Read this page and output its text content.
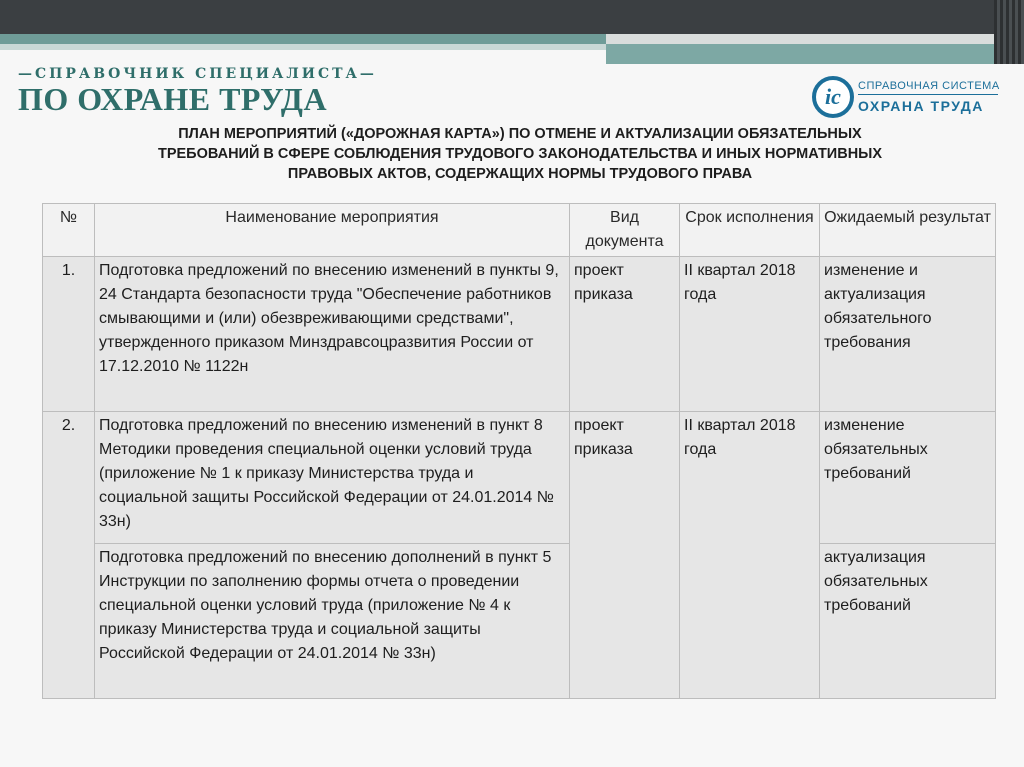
—СПРАВОЧНИК СПЕЦИАЛИСТА—
ПО ОХРАНЕ ТРУДА	iс	СПРАВОЧНАЯ СИСТЕМА
ОХРАНА ТРУДА
ПЛАН МЕРОПРИЯТИЙ («ДОРОЖНАЯ КАРТА») ПО ОТМЕНЕ И АКТУАЛИЗАЦИИ ОБЯЗАТЕЛЬНЫХ
ТРЕБОВАНИЙ В СФЕРЕ СОБЛЮДЕНИЯ ТРУДОВОГО ЗАКОНОДАТЕЛЬСТВА И ИНЫХ НОРМАТИВНЫХ
ПРАВОВЫХ АКТОВ, СОДЕРЖАЩИХ НОРМЫ ТРУДОВОГО ПРАВА
№	Наименование мероприятия	Вид документа	Срок исполнения	Ожидаемый результат
1.	Подготовка предложений по внесению изменений в пункты 9, 24 Стандарта безопасности труда "Обеспечение работников смывающими и (или) обезвреживающими средствами", утвержденного приказом Минздравсоцразвития России от 17.12.2010 № 1122н	проект приказа	II квартал 2018 года	изменение и актуализация обязательного требования
2.	Подготовка предложений по внесению изменений в пункт 8 Методики проведения специальной оценки условий труда (приложение № 1 к приказу Министерства труда и социальной защиты Российской Федерации от 24.01.2014 № 33н)	проект приказа	II квартал 2018 года	изменение обязательных требований
	Подготовка предложений по внесению дополнений в пункт 5 Инструкции по заполнению формы отчета о проведении специальной оценки условий труда (приложение № 4 к приказу Министерства труда и социальной защиты Российской Федерации от 24.01.2014 № 33н)			актуализация обязательных требований
